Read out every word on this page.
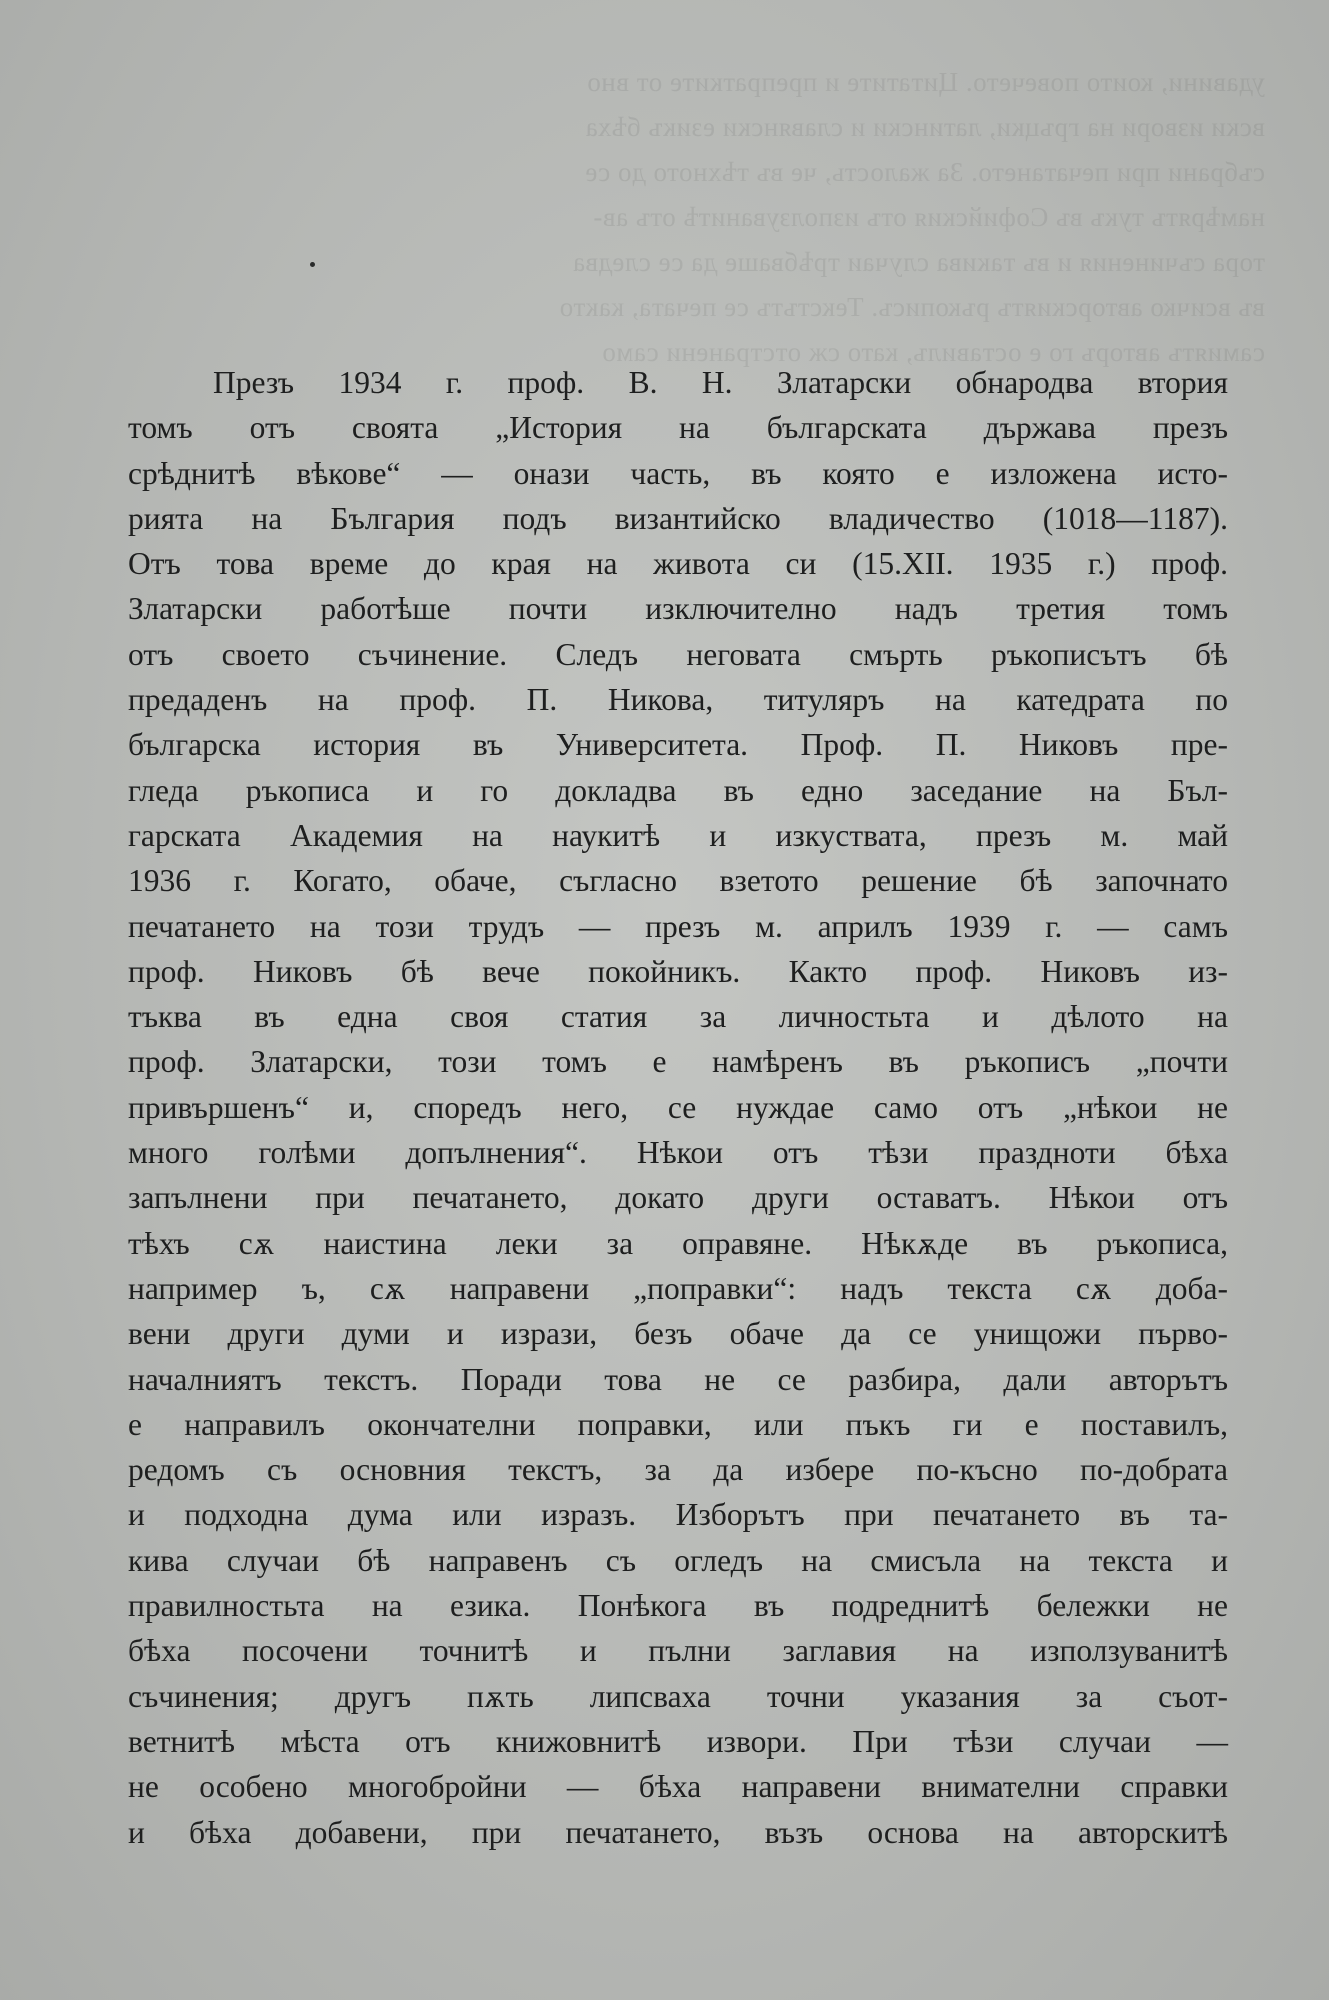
удавини, които повечето. Цитатите и препратките от вно
вски извори на гръцки, латински и славянски езикъ бѣха
събрани при печатането. За жалость, че въ тѣхното до се
намѣрятъ тукъ въ Софийския отъ използуванитѣ отъ ав-
тора съчинения и въ такива случаи трѣбваше да се следва
въ всичко авторскиятъ ръкописъ. Текстътъ се печата, както
самиятъ авторъ го е оставилъ, като сж отстранени само
Презъ 1934 г. проф. В. Н. Златарски обнародва втория
томъ отъ своята „История на българската държава презъ
срѣднитѣ вѣкове“ — онази часть, въ която е изложена исто-
рията на България подъ византийско владичество (1018—1187).
Отъ това време до края на живота си (15.XII. 1935 г.) проф.
Златарски работѣше почти изключително надъ третия томъ
отъ своето съчинение. Следъ неговата смърть ръкописътъ бѣ
предаденъ на проф. П. Никова, титуляръ на катедрата по
българска история въ Университета. Проф. П. Никовъ пре-
гледа ръкописа и го докладва въ едно заседание на Бъл-
гарската Академия на наукитѣ и изкуствата, презъ м. май
1936 г. Когато, обаче, съгласно взетото решение бѣ започнато
печатането на този трудъ — презъ м. априлъ 1939 г. — самъ
проф. Никовъ бѣ вече покойникъ. Както проф. Никовъ из-
тъква въ една своя статия за личностьта и дѣлото на
проф. Златарски, този томъ е намѣренъ въ ръкописъ „почти
привършенъ“ и, споредъ него, се нуждае само отъ „нѣкои не
много голѣми допълнения“. Нѣкои отъ тѣзи праздноти бѣха
запълнени при печатането, докато други оставатъ. Нѣкои отъ
тѣхъ сѫ наистина леки за оправяне. Нѣкѫде въ ръкописа,
например ъ, сѫ направени „поправки“: надъ текста сѫ доба-
вени други думи и изрази, безъ обаче да се унищожи първо-
началниятъ текстъ. Поради това не се разбира, дали авторътъ
е направилъ окончателни поправки, или пъкъ ги е поставилъ,
редомъ съ основния текстъ, за да избере по-късно по-добрата
и подходна дума или изразъ. Изборътъ при печатането въ та-
кива случаи бѣ направенъ съ огледъ на смисъла на текста и
правилностьта на езика. Понѣкога въ подреднитѣ бележки не
бѣха посочени точнитѣ и пълни заглавия на използуванитѣ
съчинения; другъ пѫть липсваха точни указания за съот-
ветнитѣ мѣста отъ книжовнитѣ извори. При тѣзи случаи —
не особено многобройни — бѣха направени внимателни справки
и бѣха добавени, при печатането, възъ основа на авторскитѣ
